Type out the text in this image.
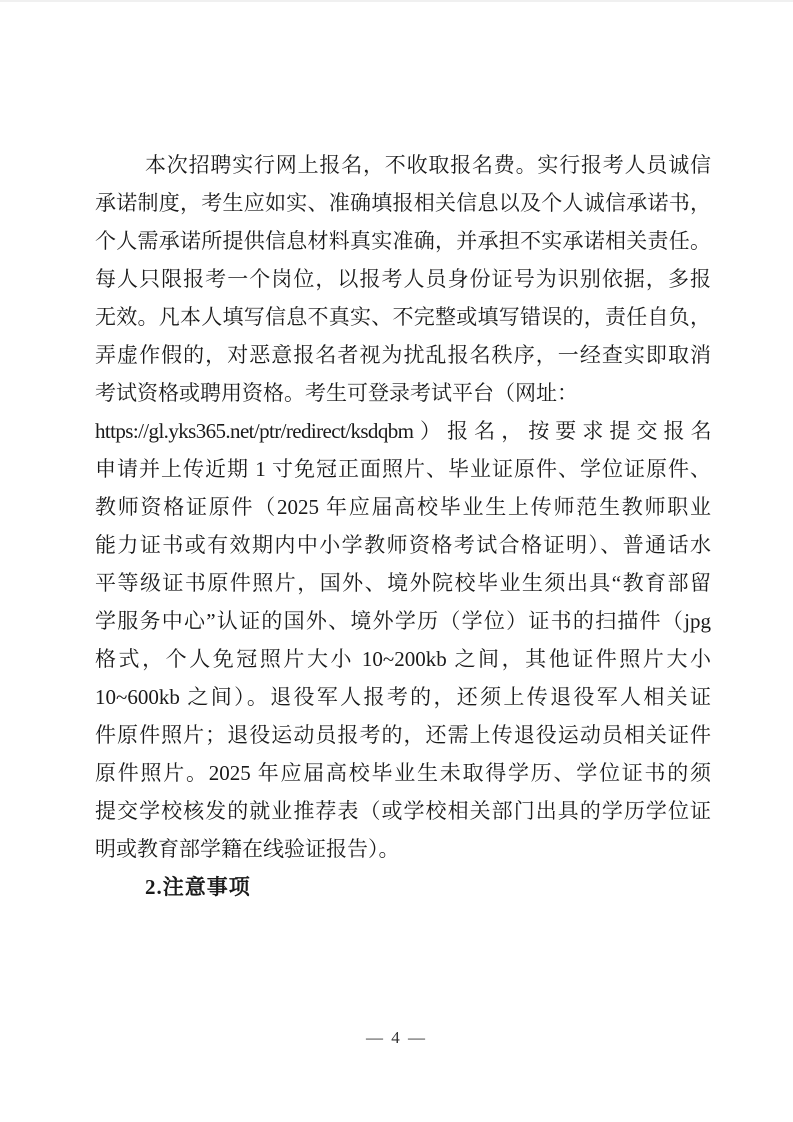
本次招聘实行网上报名，不收取报名费。实行报考人员诚信
承诺制度，考生应如实、准确填报相关信息以及个人诚信承诺书，
个人需承诺所提供信息材料真实准确，并承担不实承诺相关责任。
每人只限报考一个岗位，以报考人员身份证号为识别依据，多报
无效。凡本人填写信息不真实、不完整或填写错误的，责任自负，
弄虚作假的，对恶意报名者视为扰乱报名秩序，一经查实即取消
考试资格或聘用资格。考生可登录考试平台（网址：
https://gl.yks365.net/ptr/redirect/ksdqbm）报名，按要求提交报名
申请并上传近期 1 寸免冠正面照片、毕业证原件、学位证原件、
教师资格证原件（2025 年应届高校毕业生上传师范生教师职业
能力证书或有效期内中小学教师资格考试合格证明）、普通话水
平等级证书原件照片，国外、境外院校毕业生须出具“教育部留
学服务中心”认证的国外、境外学历（学位）证书的扫描件（jpg
格式，个人免冠照片大小 10~200kb 之间，其他证件照片大小
10~600kb 之间）。退役军人报考的，还须上传退役军人相关证
件原件照片；退役运动员报考的，还需上传退役运动员相关证件
原件照片。2025 年应届高校毕业生未取得学历、学位证书的须
提交学校核发的就业推荐表（或学校相关部门出具的学历学位证
明或教育部学籍在线验证报告）。
2.注意事项
— 4 —
